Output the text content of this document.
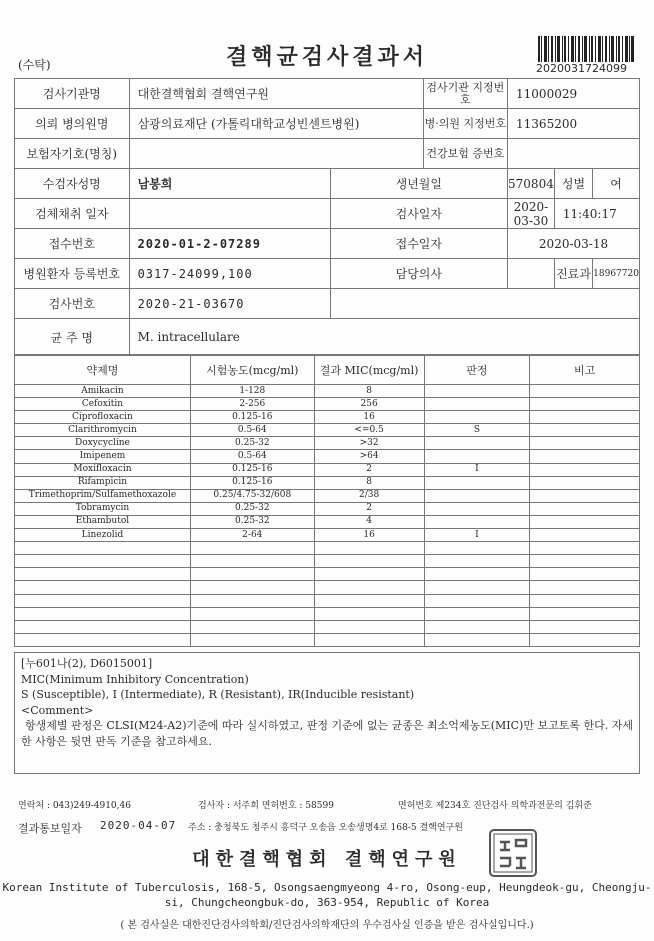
(수탁)	결핵균검사결과서	2020031724099
검사기관명	대한결핵협회 결핵연구원		검사기관 지정번호	11000029		
의뢰 병의원명	삼광의료재단 (가톨릭대학교성빈센트병원)		병·의원 지정번호	11365200		
보험자기호(명칭)			건강보험 증번호			
수검자성명	남봉희	생년월일		570804	성별	여
검체채취 일자		검사일자		2020-03-30	11:40:17	
접수번호	2020-01-2-07289	접수일자		2020-03-18		
병원환자 등록번호	0317-24099,100	담당의사			진료과	18967720
검사번호	2020-21-03670					
균 주 명	M. intracellulare					
약제명	시험농도(mcg/ml)	결과 MIC(mcg/ml)	판정	비고
Amikacin	1-128	8		
Cefoxitin	2-256	256		
Ciprofloxacin	0.125-16	16		
Clarithromycin	0.5-64	<=0.5	S	
Doxycycline	0.25-32	>32		
Imipenem	0.5-64	>64		
Moxifloxacin	0.125-16	2	I	
Rifampicin	0.125-16	8		
Trimethoprim/Sulfamethoxazole	0.25/4.75-32/608	2/38		
Tobramycin	0.25-32	2		
Ethambutol	0.25-32	4		
Linezolid	2-64	16	I	

[누601나(2), D6015001]
MIC(Minimum Inhibitory Concentration)
S (Susceptible), I (Intermediate), R (Resistant), IR(Inducible resistant)
<Comment>
항생제별 판정은 CLSI(M24-A2)기준에 따라 실시하였고, 판정 기준에 없는 균종은 최소억제농도(MIC)만 보고토록 한다. 자세한 사항은 뒷면 판독 기준을 참고하세요.
연락처 : 043)249-4910,46	검사자 : 서주희 면허번호 : 58599	면허번호 제234호 진단검사 의학과전문의 김휘준
결과통보일자 2020-04-07 주소 : 충청북도 청주시 흥덕구 오송읍 오송생명4로 168-5 결핵연구원
대한결핵협회 결핵연구원
Korean Institute of Tuberculosis, 168-5, Osongsaengmyeong 4-ro, Osong-eup, Heungdeok-gu, Cheongju-si, Chungcheongbuk-do, 363-954, Republic of Korea
( 본 검사실은 대한진단검사의학회/진단검사의학재단의 우수검사실 인증을 받은 검사실입니다.)
